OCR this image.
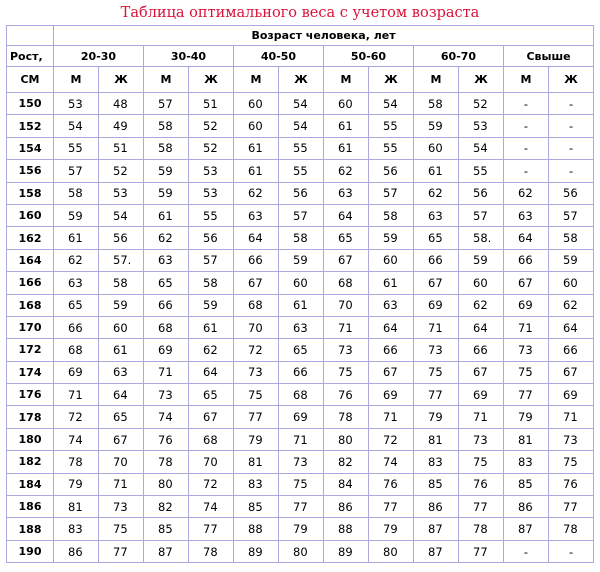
Таблица оптимального веса с учетом возраста
	Возраст человека, лет											
Рост,	20-30		30-40		40-50		50-60		60-70		Свыше	
СМ	М	Ж	М	Ж	М	Ж	М	Ж	М	Ж	М	Ж
150	53	48	57	51	60	54	60	54	58	52	-	-
152	54	49	58	52	60	54	61	55	59	53	-	-
154	55	51	58	52	61	55	61	55	60	54	-	-
156	57	52	59	53	61	55	62	56	61	55	-	-
158	58	53	59	53	62	56	63	57	62	56	62	56
160	59	54	61	55	63	57	64	58	63	57	63	57
162	61	56	62	56	64	58	65	59	65	58.	64	58
164	62	57.	63	57	66	59	67	60	66	59	66	59
166	63	58	65	58	67	60	68	61	67	60	67	60
168	65	59	66	59	68	61	70	63	69	62	69	62
170	66	60	68	61	70	63	71	64	71	64	71	64
172	68	61	69	62	72	65	73	66	73	66	73	66
174	69	63	71	64	73	66	75	67	75	67	75	67
176	71	64	73	65	75	68	76	69	77	69	77	69
178	72	65	74	67	77	69	78	71	79	71	79	71
180	74	67	76	68	79	71	80	72	81	73	81	73
182	78	70	78	70	81	73	82	74	83	75	83	75
184	79	71	80	72	83	75	84	76	85	76	85	76
186	81	73	82	74	85	77	86	77	86	77	86	77
188	83	75	85	77	88	79	88	79	87	78	87	78
190	86	77	87	78	89	80	89	80	87	77	-	-
